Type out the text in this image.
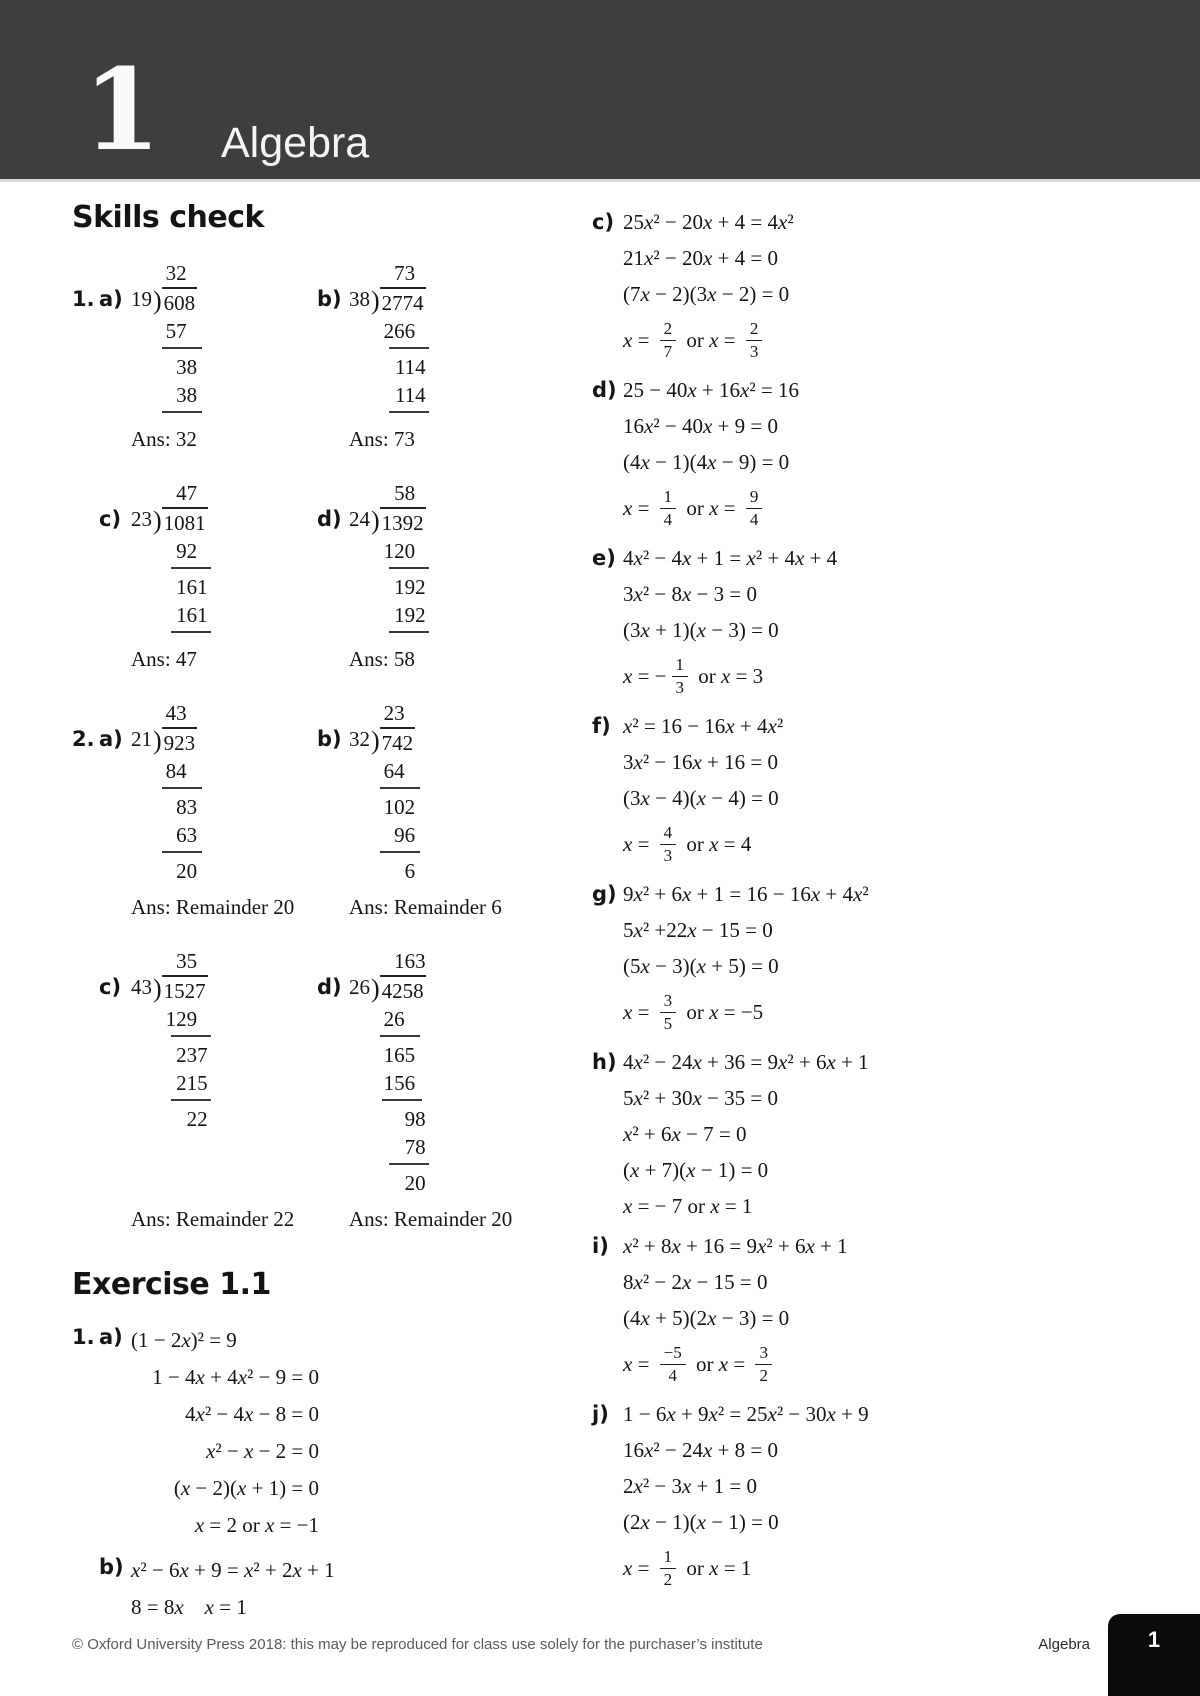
1 Algebra
Skills check
1. a) 19)
32
608
57
38
38
Ans: 32
b) 38)
73
2774
266
114
114
Ans: 73
c) 23)
47
1081
92
161
161
Ans: 47
d) 24)
58
1392
120
192
192
Ans: 58
2. a) 21)
43
923
84
83
63
20
Ans: Remainder 20
b) 32)
23
742
64
102
96
6
Ans: Remainder 6
c) 43)
35
1527
129
237
215
22
Ans: Remainder 22
d) 26)
163
4258
26
165
156
98
78
20
Ans: Remainder 20
Exercise 1.1
1. a) (1 − 2x)² = 9
1 − 4x + 4x² − 9 = 0
4x² − 4x − 8 = 0
x² − x − 2 = 0
(x − 2)(x + 1) = 0
x = 2 or x = −1
b) x² − 6x + 9 = x² + 2x + 1
8 = 8x  x = 1
c) 25x² − 20x + 4 = 4x²
21x² − 20x + 4 = 0
(7x − 2)(3x − 2) = 0
$x = \frac{2}{7}$ or $x = \frac{2}{3}$
d) 25 − 40x + 16x² = 16
16x² − 40x + 9 = 0
(4x − 1)(4x − 9) = 0
$x = \frac{1}{4}$ or $x = \frac{9}{4}$
e) 4x² − 4x + 1 = x² + 4x + 4
3x² − 8x − 3 = 0
(3x + 1)(x − 3) = 0
x = − $\frac{1}{3}$ or x = 3
f) x² = 16 − 16x + 4x²
3x² − 16x + 16 = 0
(3x − 4)(x − 4) = 0
$x = \frac{4}{3}$ or x = 4
g) 9x² + 6x + 1 = 16 − 16x + 4x²
5x² +22x − 15 = 0
(5x − 3)(x + 5) = 0
$x = \frac{3}{5}$ or x = −5
h) 4x² − 24x + 36 = 9x² + 6x + 1
5x² + 30x − 35 = 0
x² + 6x − 7 = 0
(x + 7)(x − 1) = 0
x = − 7 or x = 1
i) x² + 8x + 16 = 9x² + 6x + 1
8x² − 2x − 15 = 0
(4x + 5)(2x − 3) = 0
$x = \frac{-5}{4}$ or $x = \frac{3}{2}$
j) 1 − 6x + 9x² = 25x² − 30x + 9
16x² − 24x + 8 = 0
2x² − 3x + 1 = 0
(2x − 1)(x − 1) = 0
$x = \frac{1}{2}$ or x = 1
© Oxford University Press 2018: this may be reproduced for class use solely for the purchaser’s institute	Algebra	1
